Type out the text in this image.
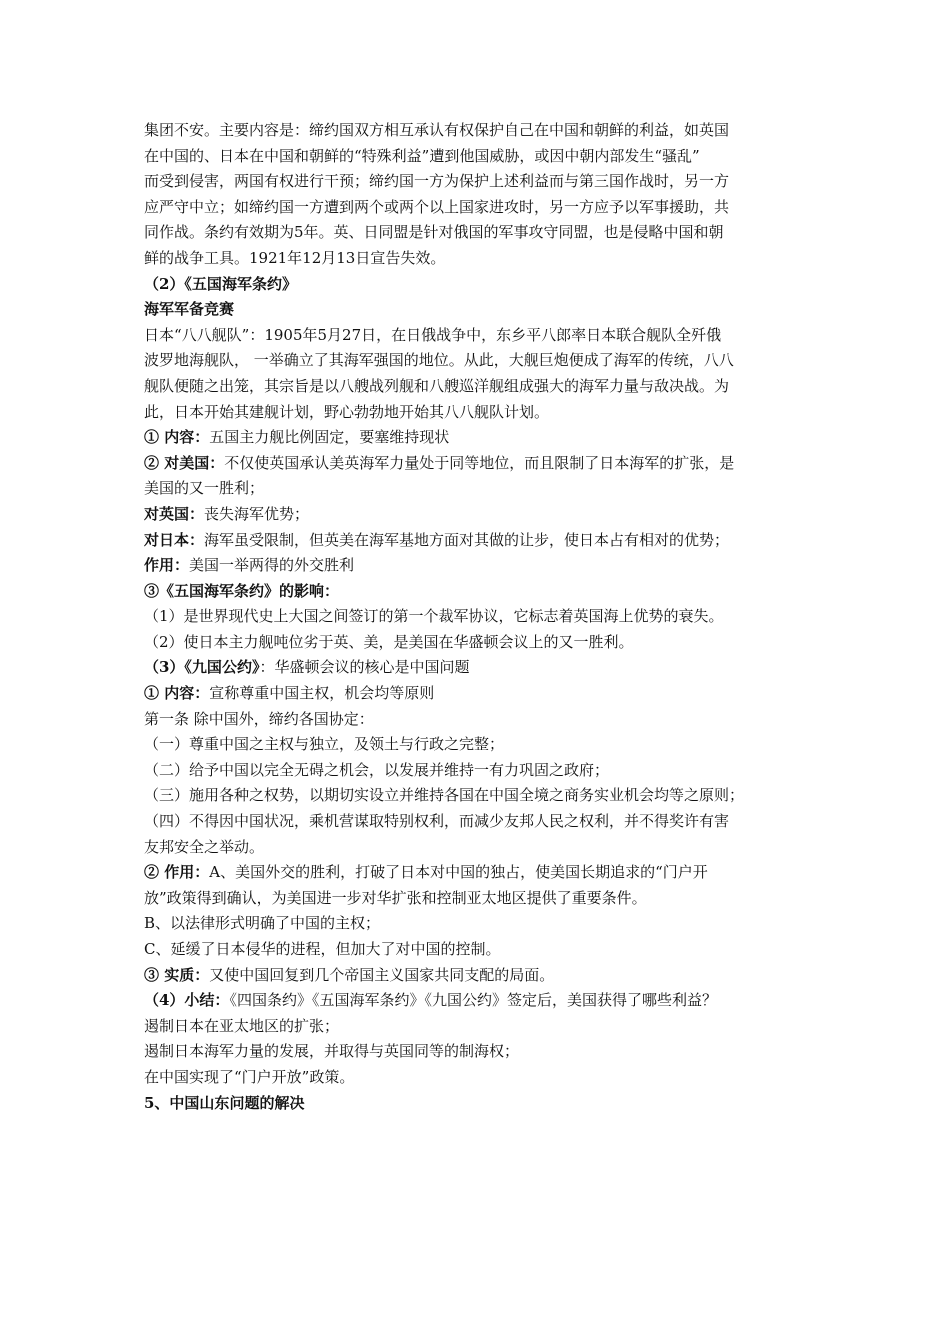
集团不安。主要内容是：缔约国双方相互承认有权保护自己在中国和朝鲜的利益，如英国

在中国的、日本在中国和朝鲜的“特殊利益”遭到他国威胁，或因中朝内部发生“骚乱”

而受到侵害，两国有权进行干预；缔约国一方为保护上述利益而与第三国作战时，另一方

应严守中立；如缔约国一方遭到两个或两个以上国家进攻时，另一方应予以军事援助，共

同作战。条约有效期为5年。英、日同盟是针对俄国的军事攻守同盟，也是侵略中国和朝

鲜的战争工具。1921年12月13日宣告失效。

（2）《五国海军条约》

海军军备竞赛

日本“八八舰队”：1905年5月27日，在日俄战争中，东乡平八郎率日本联合舰队全歼俄

波罗地海舰队， 一举确立了其海军强国的地位。从此，大舰巨炮便成了海军的传统，八八

舰队便随之出笼，其宗旨是以八艘战列舰和八艘巡洋舰组成强大的海军力量与敌决战。为

此，日本开始其建舰计划，野心勃勃地开始其八八舰队计划。

① 内容：五国主力舰比例固定，要塞维持现状

② 对美国：不仅使英国承认美英海军力量处于同等地位，而且限制了日本海军的扩张，是

美国的又一胜利；

对英国：丧失海军优势；

对日本：海军虽受限制，但英美在海军基地方面对其做的让步，使日本占有相对的优势；

作用：美国一举两得的外交胜利

③《五国海军条约》的影响：

（1）是世界现代史上大国之间签订的第一个裁军协议，它标志着英国海上优势的衰失。

（2）使日本主力舰吨位劣于英、美，是美国在华盛顿会议上的又一胜利。

（3）《九国公约》：华盛顿会议的核心是中国问题

① 内容：宣称尊重中国主权，机会均等原则

第一条 除中国外，缔约各国协定：

（一）尊重中国之主权与独立，及领土与行政之完整；

（二）给予中国以完全无碍之机会，以发展并维持一有力巩固之政府；

（三）施用各种之权势，以期切实设立并维持各国在中国全境之商务实业机会均等之原则；

（四）不得因中国状况，乘机营谋取特别权利，而减少友邦人民之权利，并不得奖许有害

友邦安全之举动。

② 作用：A、美国外交的胜利，打破了日本对中国的独占，使美国长期追求的“门户开

放”政策得到确认，为美国进一步对华扩张和控制亚太地区提供了重要条件。

B、以法律形式明确了中国的主权；

C、延缓了日本侵华的进程，但加大了对中国的控制。

③ 实质：又使中国回复到几个帝国主义国家共同支配的局面。

（4）小结：《四国条约》《五国海军条约》《九国公约》签定后，美国获得了哪些利益？

遏制日本在亚太地区的扩张；

遏制日本海军力量的发展，并取得与英国同等的制海权；

在中国实现了“门户开放”政策。

5、中国山东问题的解决
